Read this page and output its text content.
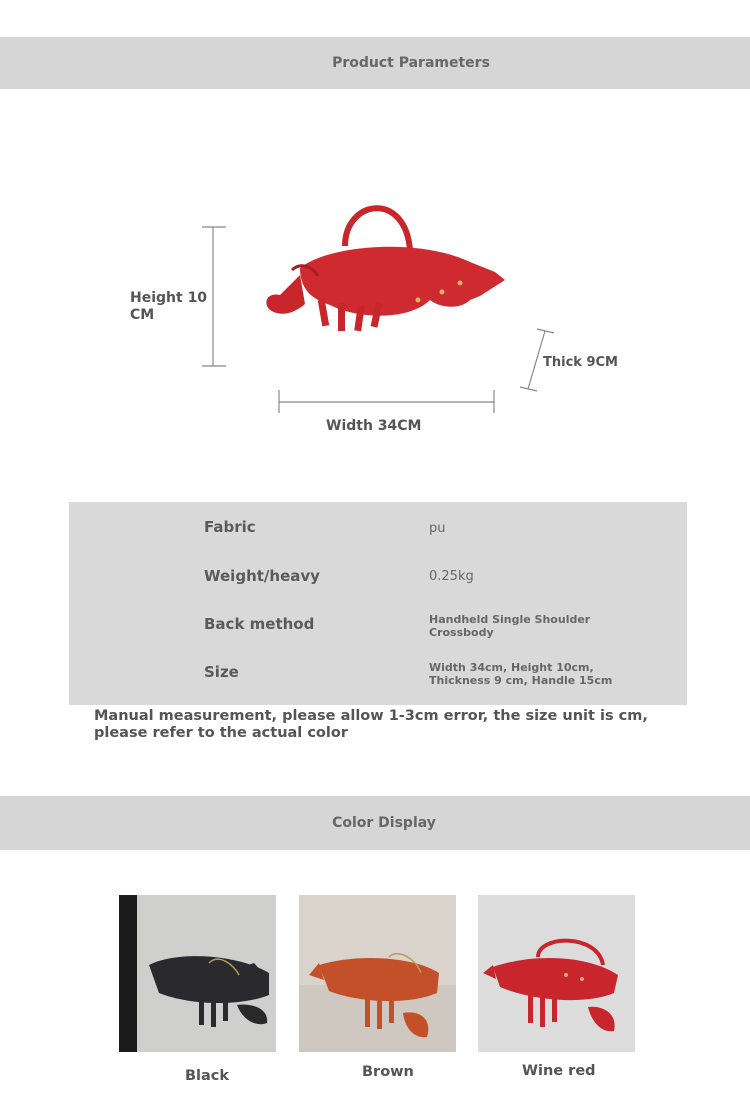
Product Parameters
Height 10 CM
Width 34CM
Thick 9CM
Fabric	pu
Weight/heavy	0.25kg
Back method	Handheld Single Shoulder Crossbody
Size	Width 34cm, Height 10cm, Thickness 9 cm, Handle 15cm
Manual measurement, please allow 1-3cm error, the size unit is cm, please refer to the actual color
Color Display
Black	Brown	Wine red
